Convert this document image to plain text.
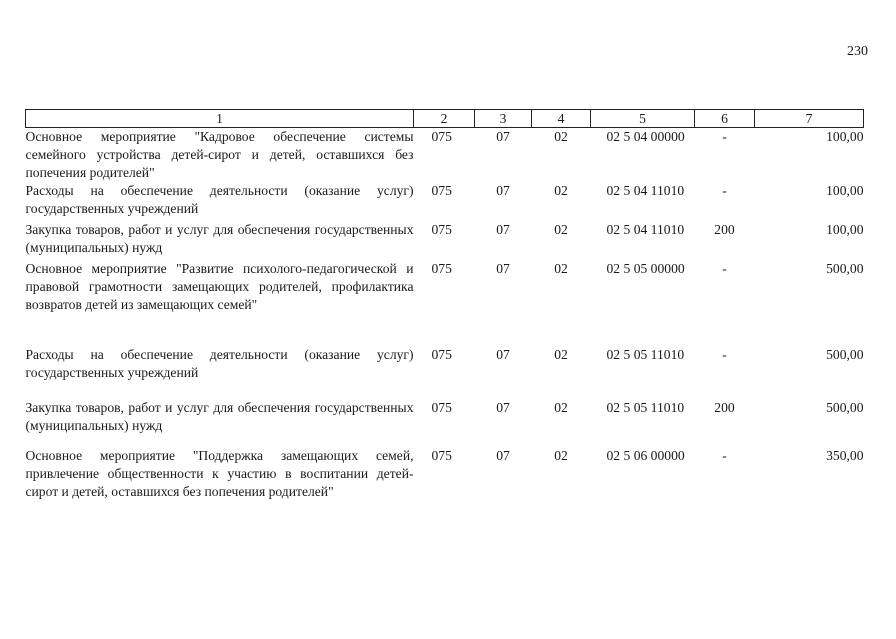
230
1	2	3	4	5	6	7
Основное мероприятие "Кадровое обеспечение системы семейного устройства детей-сирот и детей, оставшихся без попечения родителей"	075	07	02	02 5 04 00000	-	100,00
Расходы на обеспечение деятельности (оказание услуг) государственных учреждений	075	07	02	02 5 04 11010	-	100,00
Закупка товаров, работ и услуг для обеспечения государственных (муниципальных) нужд	075	07	02	02 5 04 11010	200	100,00
Основное мероприятие "Развитие психолого-педагогической и правовой грамотности замещающих родителей, профилактика возвратов детей из замещающих семей"	075	07	02	02 5 05 00000	-	500,00
Расходы на обеспечение деятельности (оказание услуг) государственных учреждений	075	07	02	02 5 05 11010	-	500,00
Закупка товаров, работ и услуг для обеспечения государственных (муниципальных) нужд	075	07	02	02 5 05 11010	200	500,00
Основное мероприятие "Поддержка замещающих семей, привлечение общественности к участию в воспитании детей-сирот и детей, оставшихся без попечения родителей"	075	07	02	02 5 06 00000	-	350,00
